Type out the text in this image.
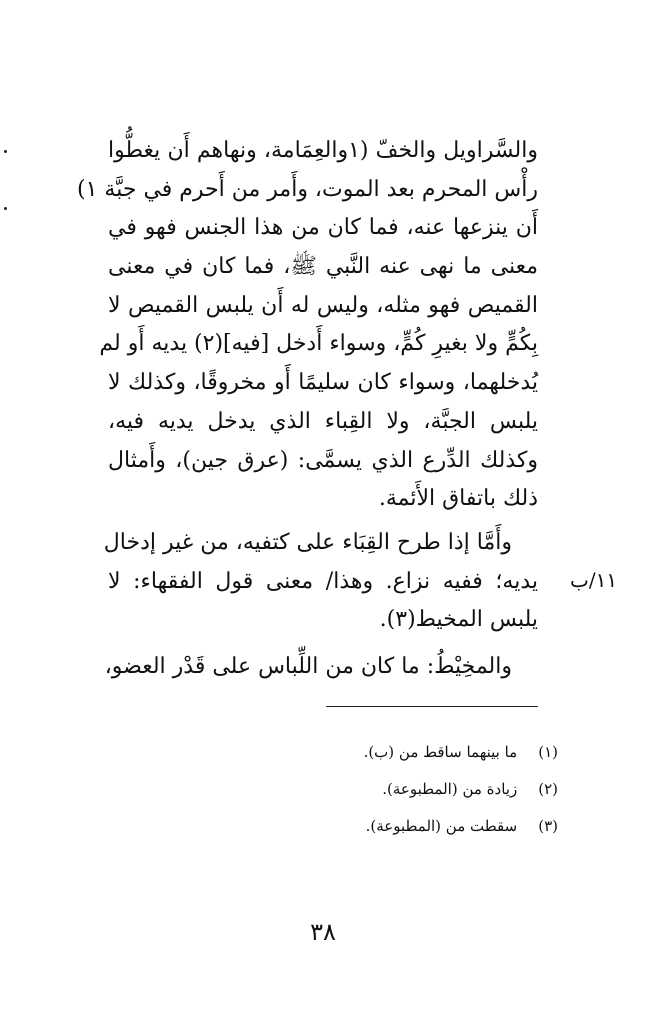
والسَّراويل والخفّ (١والعِمَامة، ونهاهم أَن يغطُّوا
رأْس المحرم بعد الموت، وأَمر من أَحرم في جبَّة ١)
أَن ينزعها عنه، فما كان من هذا الجنس فهو في
معنى ما نهى عنه النَّبي ﷺ، فما كان في معنى
القميص فهو مثله، وليس له أَن يلبس القميص لا
بِكُمٍّ ولا بغيرِ كُمٍّ، وسواء أَدخل [فيه](٢) يديه أَو لم
يُدخلهما، وسواء كان سليمًا أَو مخروقًا، وكذلك لا
يلبس الجبَّة، ولا القِباء الذي يدخل يديه فيه،
وكذلك الدِّرع الذي يسمَّى: (عرق جين)، وأَمثال
ذلك باتفاق الأَئمة.
وأَمَّا إذا طرح القِبَاء على كتفيه، من غير إدخال
يديه؛ ففيه نزاع. وهذا/ معنى قول الفقهاء: لا
يلبس المخيط(٣).
١١/ب
والمخِيْطُ: ما كان من اللِّباس على قَدْر العضو،
(١) ما بينهما ساقط من (ب).
(٢) زيادة من (المطبوعة).
(٣) سقطت من (المطبوعة).
٣٨
